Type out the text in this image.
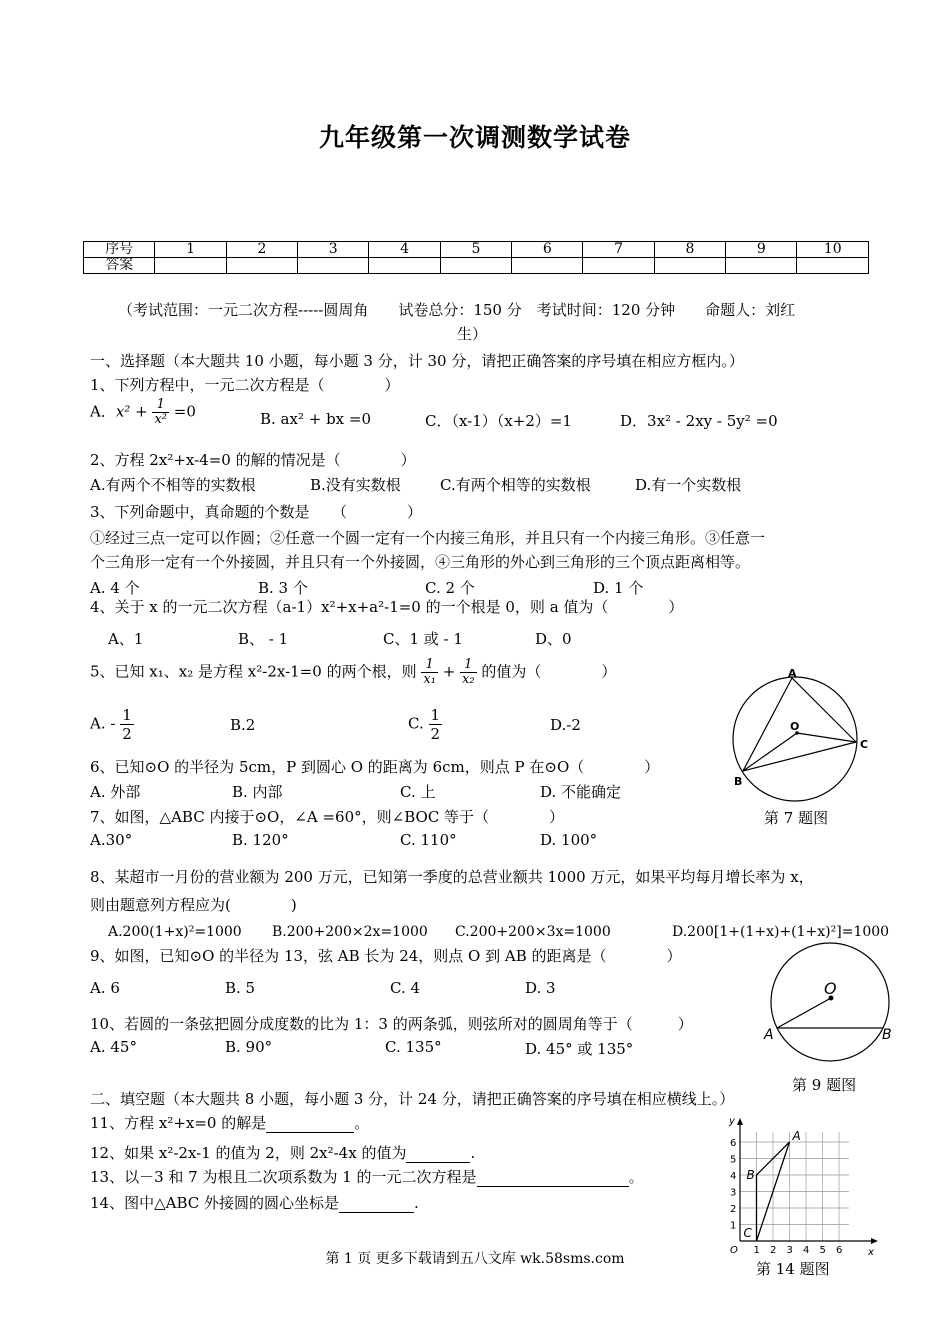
九年级第一次调测数学试卷
序号	1	2	3	4	5	6	7	8	9	10
答案										
（考试范围：一元二次方程-----圆周角　　试卷总分：150 分　考试时间：120 分钟　　命题人：刘红
生）
一、选择题（本大题共 10 小题，每小题 3 分，计 30 分，请把正确答案的序号填在相应方框内。）
1、下列方程中，一元二次方程是（　　　　）
A．$x^2 + \frac{1}{\text{x²}} =0$	B. ax² + bx =0	C．（x-1）（x+2）=1	D．3x² - 2xy - 5y² =0
2、方程 2x²+x-4=0 的解的情况是（　　　　）
A.有两个不相等的实数根	B.没有实数根	C.有两个相等的实数根	D.有一个实数根
3、下列命题中，真命题的个数是　　（　　　　）
①经过三点一定可以作圆；②任意一个圆一定有一个内接三角形，并且只有一个内接三角形。③任意一
个三角形一定有一个外接圆，并且只有一个外接圆，④三角形的外心到三角形的三个顶点距离相等。
A. 4 个	B. 3 个	C. 2 个	D. 1 个
4、关于 x 的一元二次方程（a-1）x²+x+a²-1=0 的一个根是 0，则 a 值为（　　　　）
A、1	B、 - 1	C、1 或 - 1	D、0
5、已知 x₁、x₂ 是方程 x²-2x-1=0 的两个根，则 $\frac{1}{\text{x₁}} + \frac{1}{\text{x₂}}$ 的值为（　　　　）
A. - $\frac{1}{2}$	B.2	C. $\frac{1}{2}$	D.-2
6、已知⊙O 的半径为 5cm，P 到圆心 O 的距离为 6cm，则点 P 在⊙O（　　　　）
A. 外部	B. 内部	C. 上	D. 不能确定
7、如图，△ABC 内接于⊙O，∠A =60°，则∠BOC 等于（　　　　）
A.30°	B. 120°	C. 110°	D. 100°
8、某超市一月份的营业额为 200 万元，已知第一季度的总营业额共 1000 万元，如果平均每月增长率为 x，
则由题意列方程应为(　　　　)
A.200(1+x)²=1000 B.200+200×2x=1000 C.200+200×3x=1000	D.200[1+(1+x)+(1+x)²]=1000
9、如图，已知⊙O 的半径为 13，弦 AB 长为 24，则点 O 到 AB 的距离是（　　　　）
A. 6	B. 5	C. 4	D. 3
10、若圆的一条弦把圆分成度数的比为 1：3 的两条弧，则弦所对的圆周角等于（　　　）
A. 45°	B. 90°	C. 135°	D. 45° 或 135°
二、填空题（本大题共 8 小题，每小题 3 分，计 24 分，请把正确答案的序号填在相应横线上。）
11、方程 x²+x=0 的解是	。
12、如果 x²-2x-1 的值为 2，则 2x²-4x 的值为	.
13、以－3 和 7 为根且二次项系数为 1 的一元二次方程是	。
14、图中△ABC 外接圆的圆心坐标是	.
A
O
B
C
第 7 题图
O
A	B
第 9 题图
1 2 3 4 5 6
1
2
3
4
5
6
y
x
O
A
B
C
第 14 题图
第 1 页 更多下载请到五八文库 wk.58sms.com
